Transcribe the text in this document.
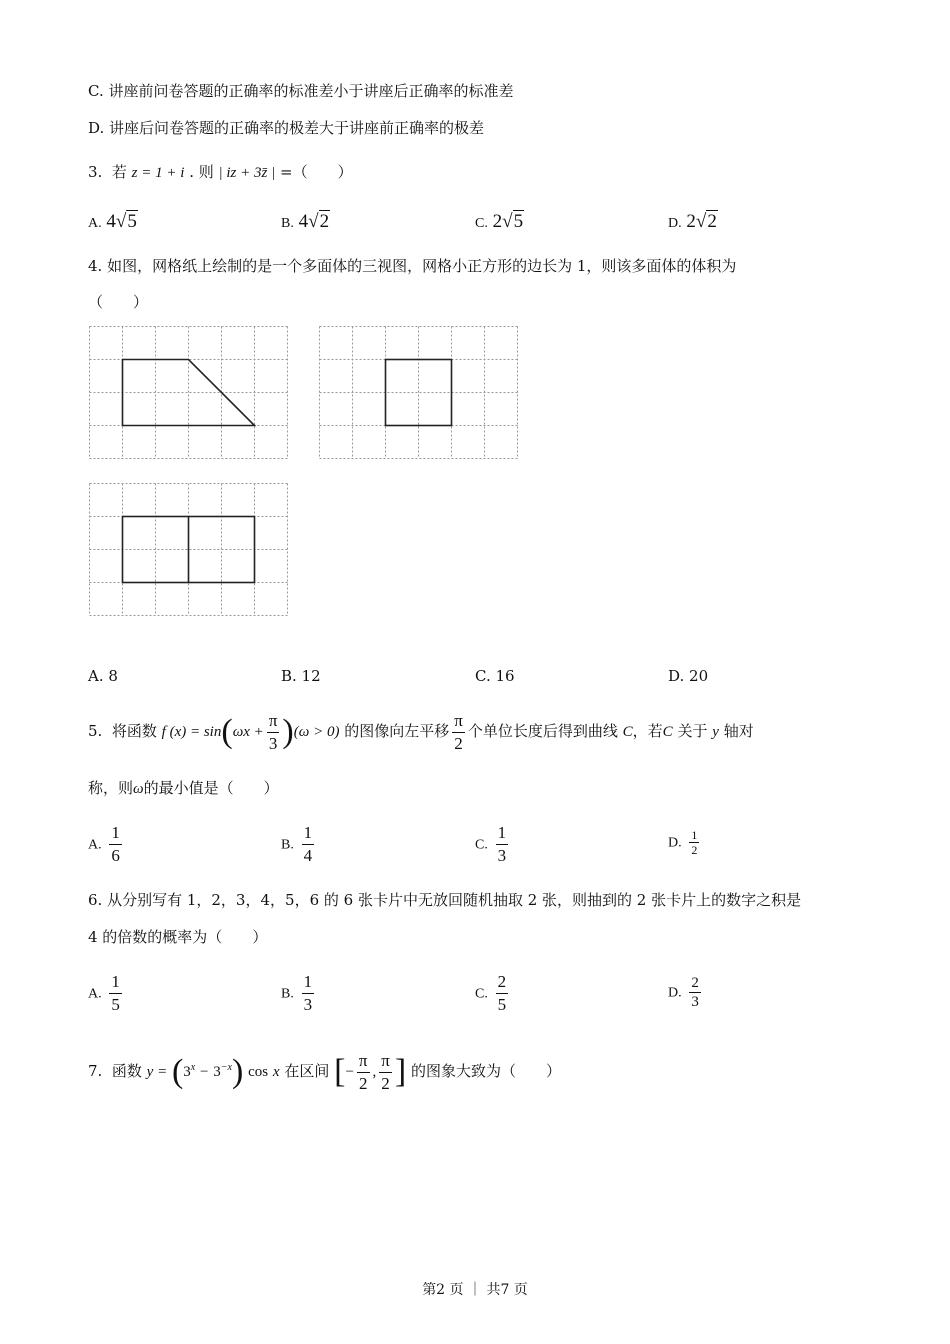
C. 讲座前问卷答题的正确率的标准差小于讲座后正确率的标准差
D. 讲座后问卷答题的正确率的极差大于讲座前正确率的极差
3. 若 z = 1 + i . 则 | iz + 3z̄ | =（　　）
A. 4√5	B. 4√2	C. 2√5	D. 2√2
4. 如图，网格纸上绘制的是一个多面体的三视图，网格小正方形的边长为 1，则该多面体的体积为
（　　）
A. 8	B. 12	C. 16	D. 20
5. 将函数 f $(x) = \sin(\omega x + \frac{\pi}{3} )(\omega > 0)$ 的图像向左平移 $\frac{\pi}{2}$ 个单位长度后得到曲线 C，若C 关于 y 轴对
称，则ω的最小值是（　　）
A. $\frac{1}{6}$	B. $\frac{1}{4}$	C. $\frac{1}{3}$	D. $\frac{1}{2}$
6. 从分别写有 1，2，3，4，5，6 的 6 张卡片中无放回随机抽取 2 张，则抽到的 2 张卡片上的数字之积是
4 的倍数的概率为（　　）
A. $\frac{1}{5}$	B. $\frac{1}{3}$	C. $\frac{2}{5}$	D. $\frac{2}{3}$
7. 函数 $y = (3^x - 3^{-x})$ cos x 在区间 [− $\frac{\pi}{2}$ , $\frac{\pi}{2}$ ] 的图象大致为（　　）
第2 页 ｜ 共7 页
